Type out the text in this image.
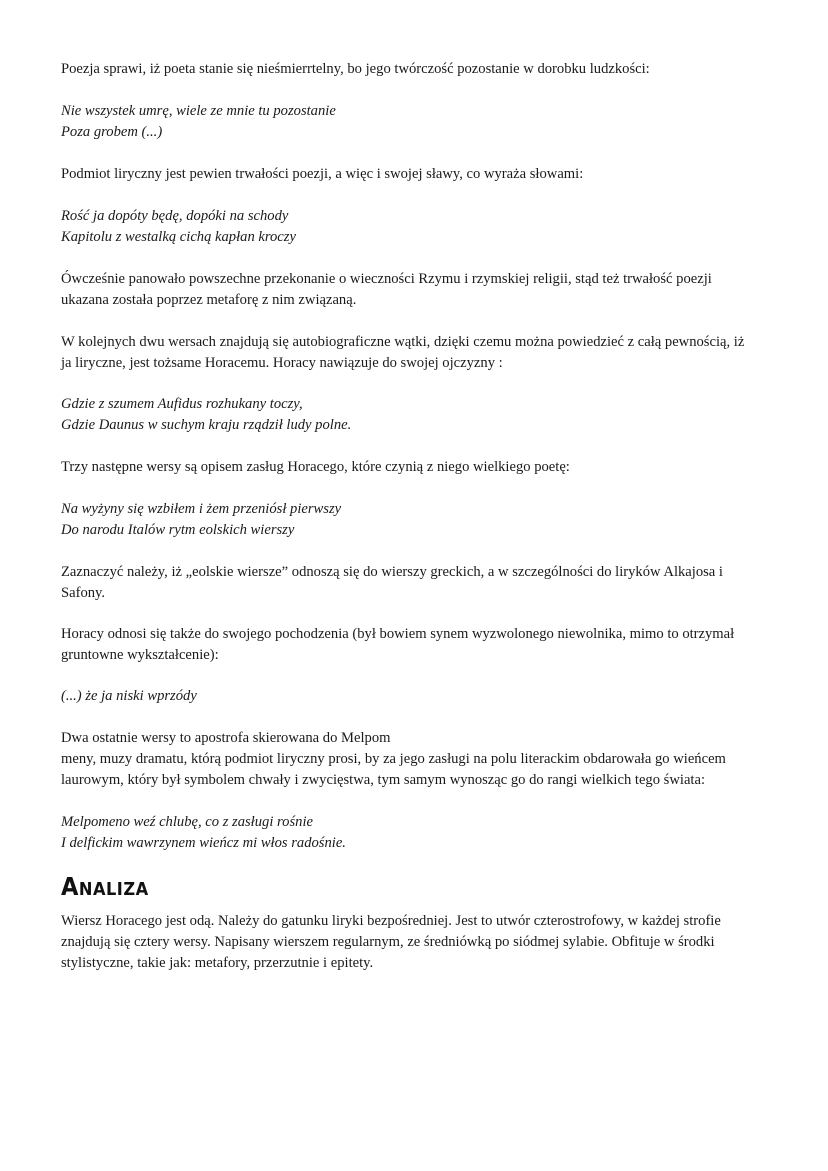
Poezja sprawi, iż poeta stanie się nieśmierrtelny, bo jego twórczość pozostanie w dorobku ludzkości:

Nie wszystek umrę, wiele ze mnie tu pozostanie
Poza grobem (...)

Podmiot liryczny jest pewien trwałości poezji, a więc i swojej sławy, co wyraża słowami:

Rość ja dopóty będę, dopóki na schody
Kapitolu z westalką cichą kapłan kroczy

Ówcześnie panowało powszechne przekonanie o wieczności Rzymu i rzymskiej religii, stąd też trwałość poezji
ukazana została poprzez metaforę z nim związaną.

W kolejnych dwu wersach znajdują się autobiograficzne wątki, dzięki czemu można powiedzieć z całą pewnością, iż
ja liryczne, jest tożsame Horacemu. Horacy nawiązuje do swojej ojczyzny :

Gdzie z szumem Aufidus rozhukany toczy,
Gdzie Daunus w suchym kraju rządził ludy polne.

Trzy następne wersy są opisem zasług Horacego, które czynią z niego wielkiego poetę:

Na wyżyny się wzbiłem i żem przeniósł pierwszy
Do narodu Italów rytm eolskich wierszy

Zaznaczyć należy, iż „eolskie wiersze” odnoszą się do wierszy greckich, a w szczególności do liryków Alkajosa i
Safony.

Horacy odnosi się także do swojego pochodzenia (był bowiem synem wyzwolonego niewolnika, mimo to otrzymał
gruntowne wykształcenie):

(...) że ja niski wprzódy

Dwa ostatnie wersy to apostrofa skierowana do Melpom
meny, muzy dramatu, którą podmiot liryczny prosi, by za jego zasługi na polu literackim obdarowała go wieńcem
laurowym, który był symbolem chwały i zwycięstwa, tym samym wynosząc go do rangi wielkich tego świata:

Melpomeno weź chlubę, co z zasługi rośnie
I delfickim wawrzynem wieńcz mi włos radośnie.

Analiza

Wiersz Horacego jest odą. Należy do gatunku liryki bezpośredniej. Jest to utwór czterostrofowy, w każdej strofie
znajdują się cztery wersy. Napisany wierszem regularnym, ze średniówką po siódmej sylabie. Obfituje w środki
stylistyczne, takie jak: metafory, przerzutnie i epitety.
